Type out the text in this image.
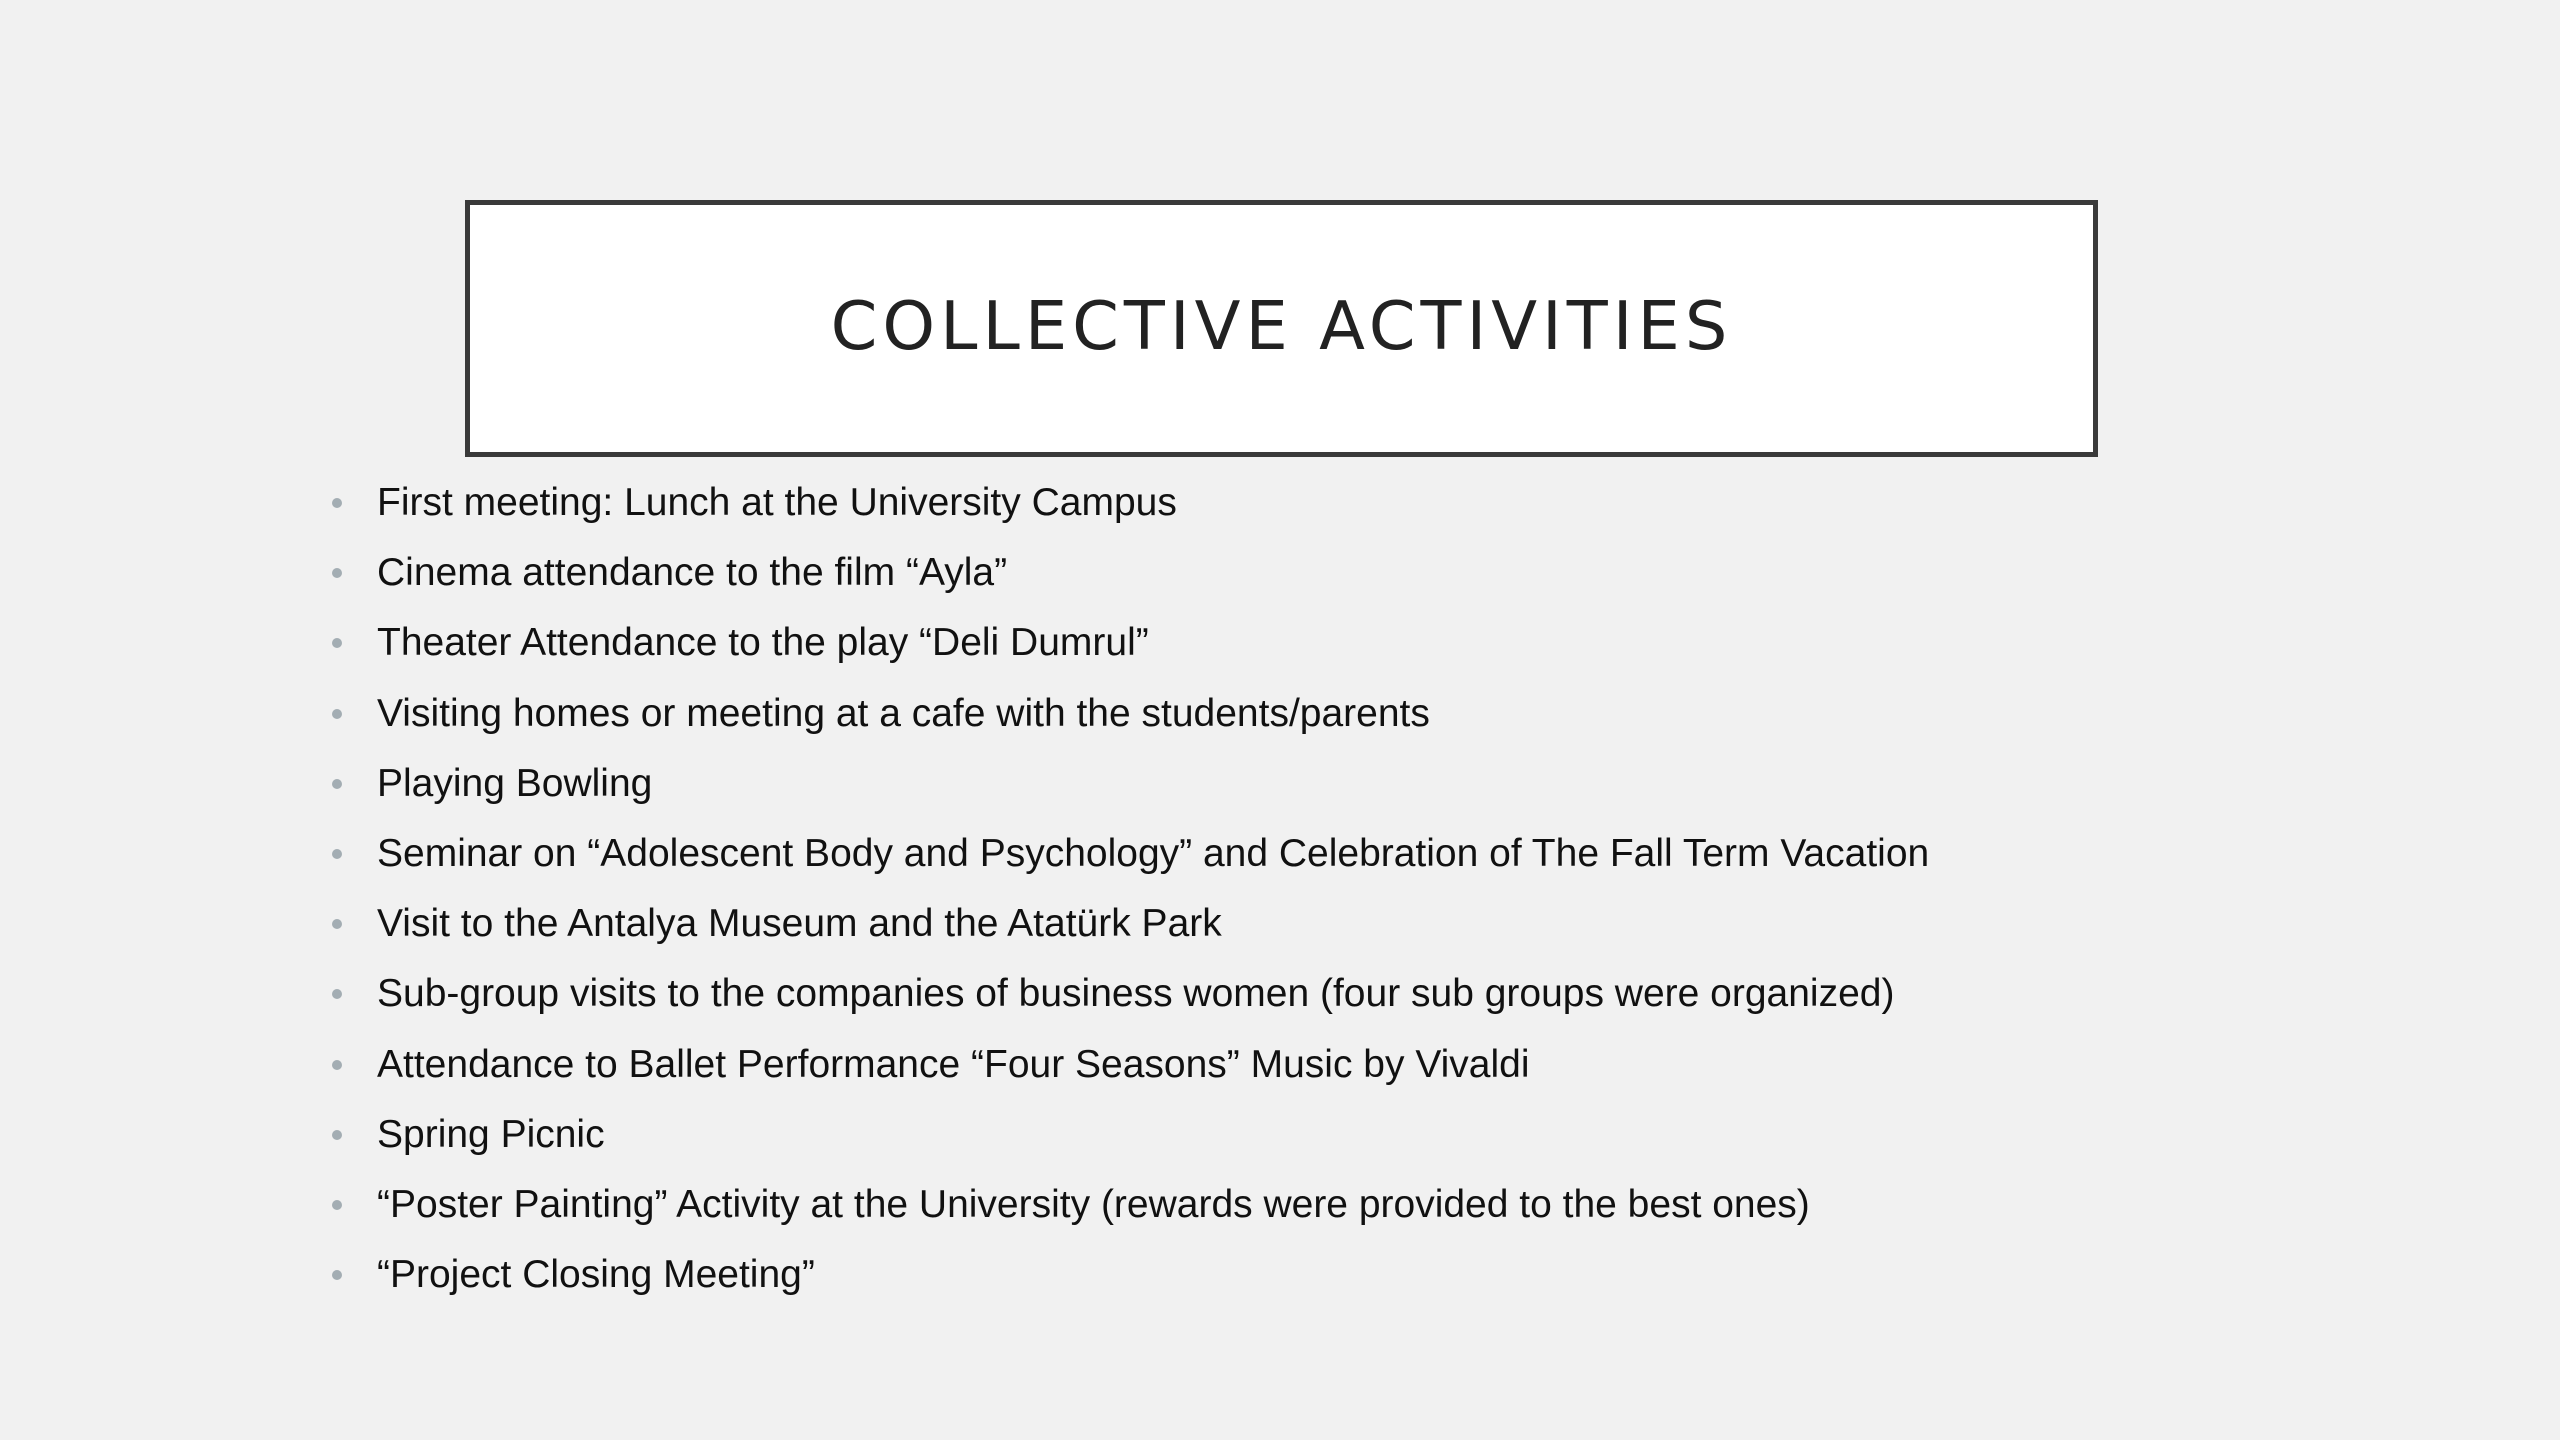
COLLECTIVE ACTIVITIES
First meeting: Lunch at the University Campus
Cinema attendance to the film “Ayla”
Theater Attendance to the play “Deli Dumrul”
Visiting homes or meeting at a cafe with the students/parents
Playing Bowling
Seminar on “Adolescent Body and Psychology” and Celebration of The Fall Term Vacation
Visit to the Antalya Museum and the Atatürk Park
Sub-group visits to the companies of business women (four sub groups were organized)
Attendance to Ballet Performance “Four Seasons” Music by Vivaldi
Spring Picnic
“Poster Painting” Activity at the University (rewards were provided to the best ones)
“Project Closing Meeting”
